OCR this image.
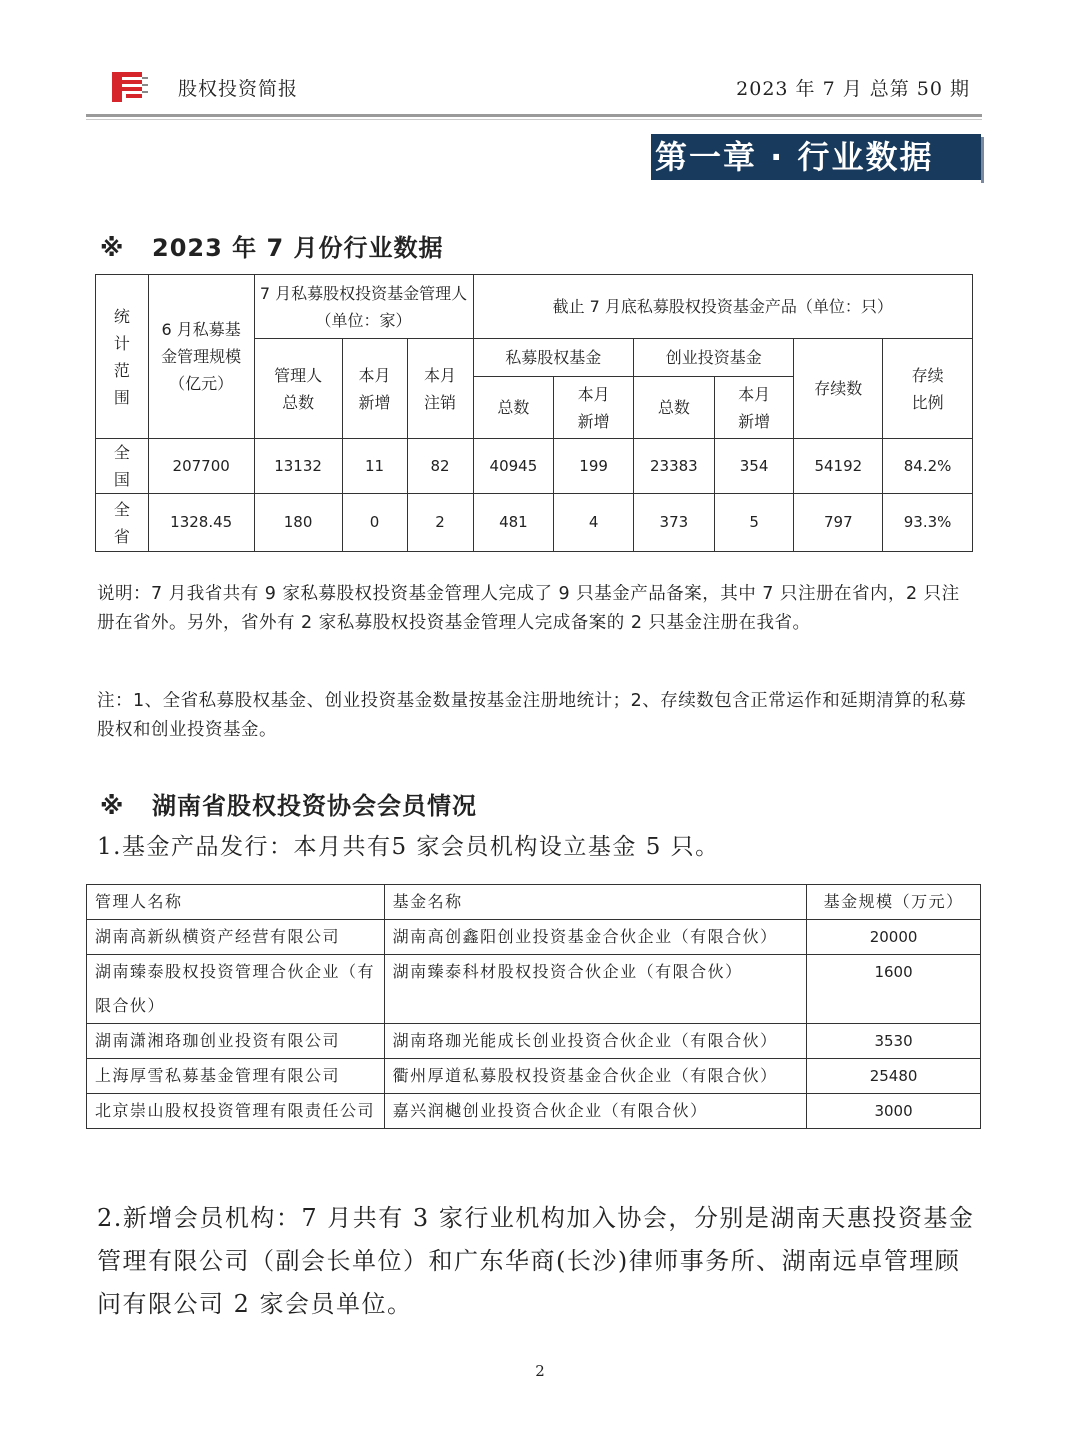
股权投资简报	2023 年 7 月 总第 50 期
第一章 · 行业数据
※ 2023 年 7 月份行业数据
统计范围	6 月私募基金管理规模（亿元）	7 月私募股权投资基金管理人（单位：家）			截止 7 月底私募股权投资基金产品（单位：只）					

		管理人总数	本月新增	本月注销	私募股权基金		创业投资基金		存续数	存续比例

					总数	本月新增	总数	本月新增		

全国	207700	13132	11	82	40945	199	23383	354	54192	84.2%

全省	1328.45	180	0	2	481	4	373	5	797	93.3%
说明：7 月我省共有 9 家私募股权投资基金管理人完成了 9 只基金产品备案，其中 7 只注册在省内，2 只注册在省外。另外，省外有 2 家私募股权投资基金管理人完成备案的 2 只基金注册在我省。
注：1、全省私募股权基金、创业投资基金数量按基金注册地统计；2、存续数包含正常运作和延期清算的私募股权和创业投资基金。
※ 湖南省股权投资协会会员情况
1.基金产品发行：本月共有5 家会员机构设立基金 5 只。
管理人名称	基金名称	基金规模（万元）
湖南高新纵横资产经营有限公司	湖南高创鑫阳创业投资基金合伙企业（有限合伙）	20000
湖南臻泰股权投资管理合伙企业（有限合伙）	湖南臻泰科材股权投资合伙企业（有限合伙）	1600
湖南潇湘珞珈创业投资有限公司	湖南珞珈光能成长创业投资合伙企业（有限合伙）	3530
上海厚雪私募基金管理有限公司	衢州厚道私募股权投资基金合伙企业（有限合伙）	25480
北京崇山股权投资管理有限责任公司	嘉兴润樾创业投资合伙企业（有限合伙）	3000
2.新增会员机构：7 月共有 3 家行业机构加入协会，分别是湖南天惠投资基金管理有限公司（副会长单位）和广东华商(长沙)律师事务所、湖南远卓管理顾问有限公司 2 家会员单位。
2
